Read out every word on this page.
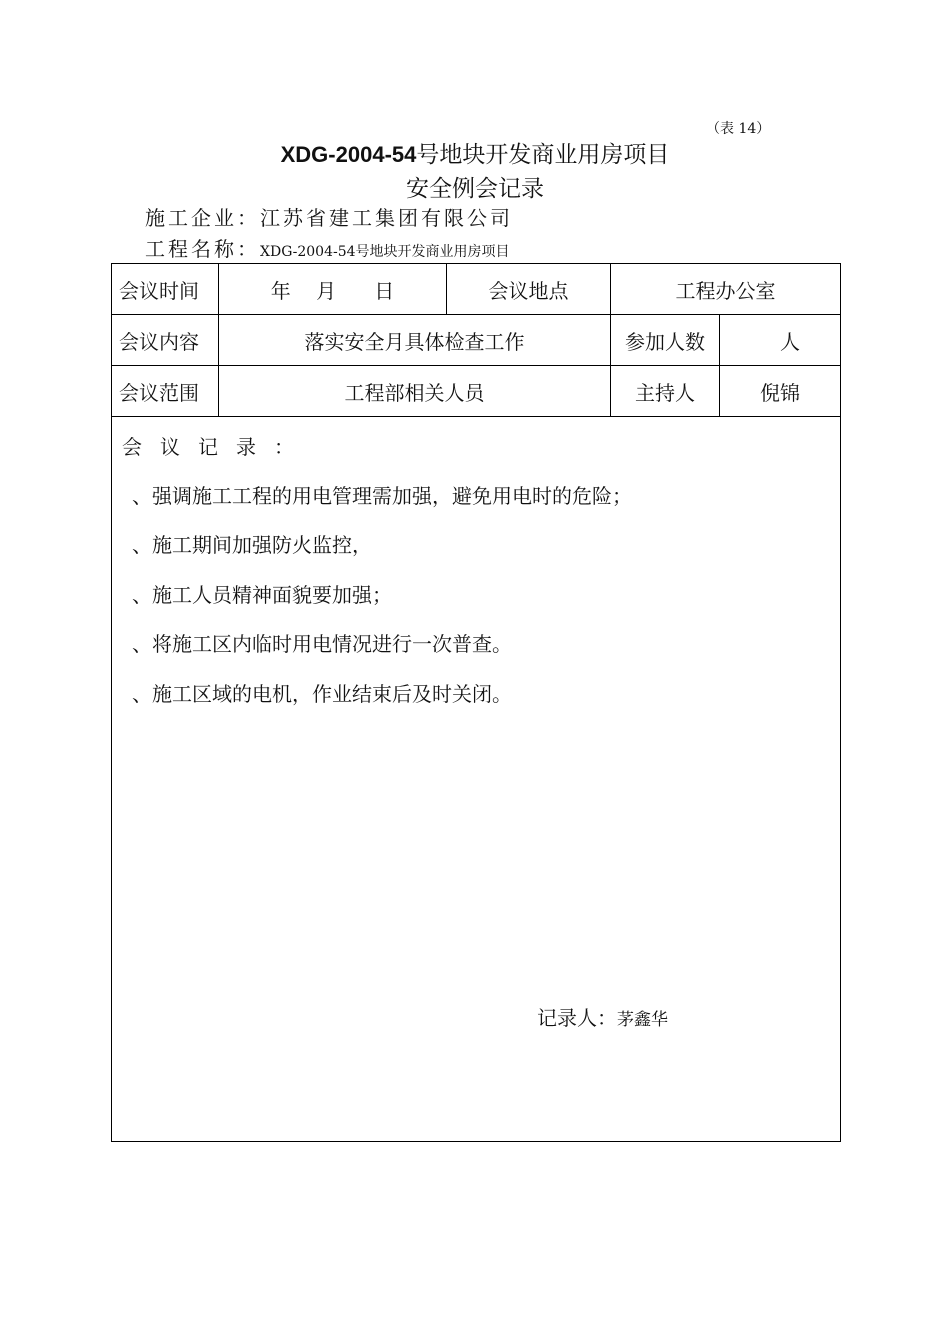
（表 14）
XDG-2004-54号地块开发商业用房项目
安全例会记录
施工企业：江苏省建工集团有限公司
工程名称：XDG-2004-54号地块开发商业用房项目
会议时间	年    月      日	会议地点	工程办公室
会议内容	落实安全月具体检查工作	参加人数	人
会议范围	工程部相关人员	主持人	倪锦
会议记录：
、强调施工工程的用电管理需加强，避免用电时的危险；
、施工期间加强防火监控，
、施工人员精神面貌要加强；
、将施工区内临时用电情况进行一次普查。
、施工区域的电机，作业结束后及时关闭。
记录人：茅鑫华
